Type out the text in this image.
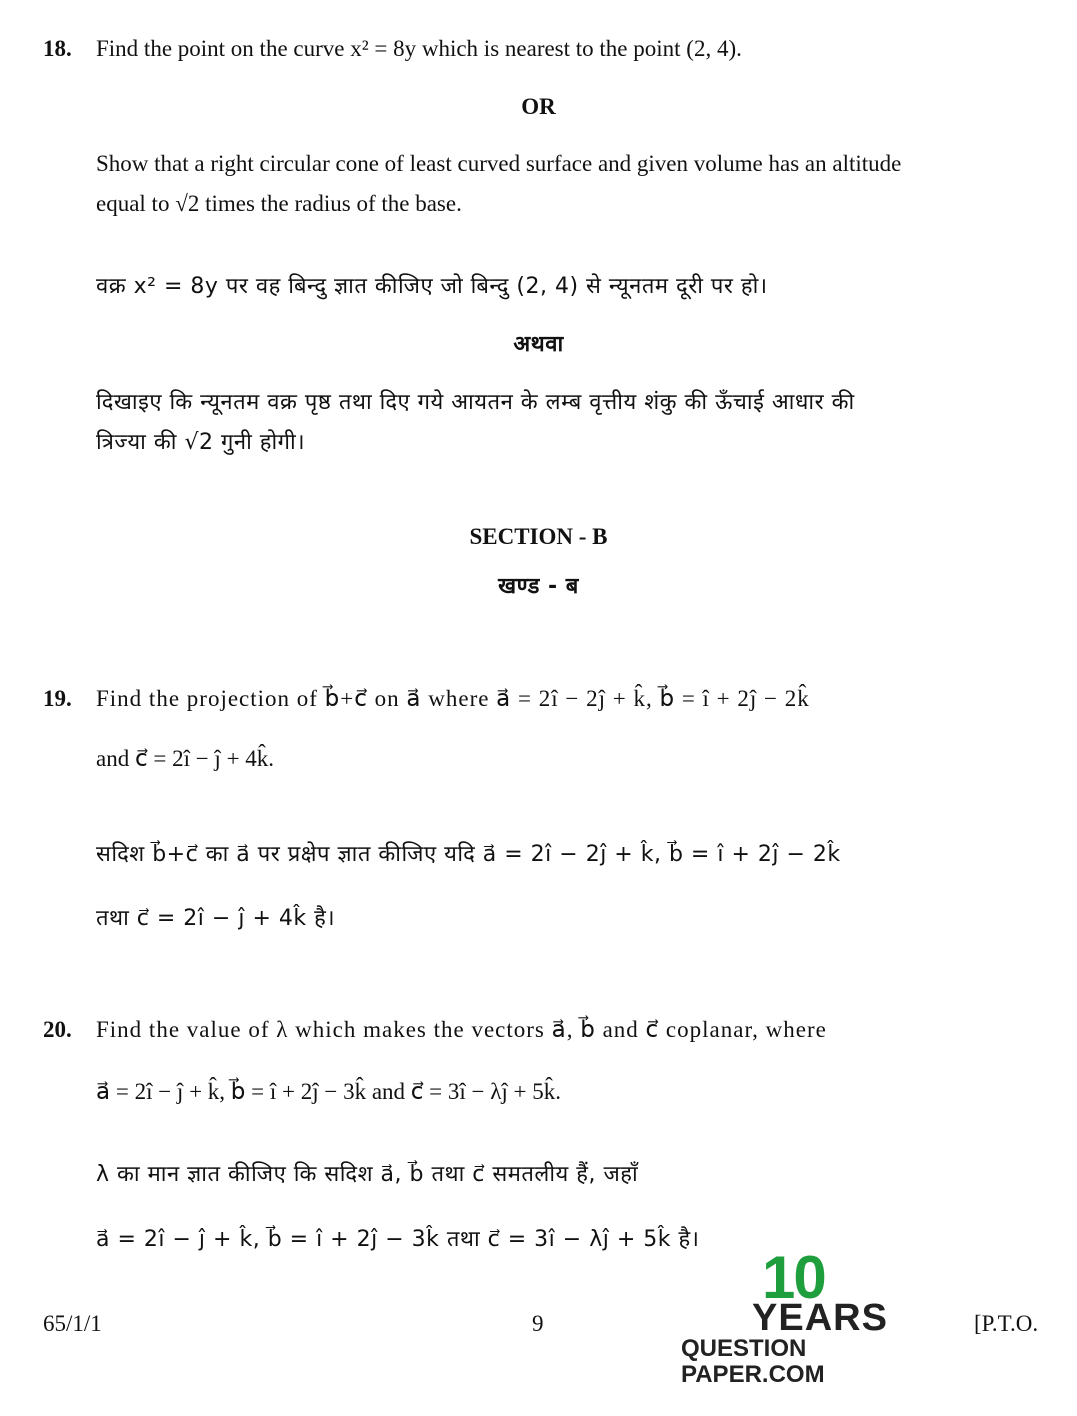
18. Find the point on the curve x² = 8y which is nearest to the point (2, 4).
OR
Show that a right circular cone of least curved surface and given volume has an altitude
equal to √2 times the radius of the base.
वक्र x² = 8y पर वह बिन्दु ज्ञात कीजिए जो बिन्दु (2, 4) से न्यूनतम दूरी पर हो।
अथवा
दिखाइए कि न्यूनतम वक्र पृष्ठ तथा दिए गये आयतन के लम्ब वृत्तीय शंकु की ऊँचाई आधार की
त्रिज्या की √2 गुनी होगी।
SECTION - B
खण्ड - ब
19. Find the projection of b⃗+c⃗ on a⃗ where a⃗ = 2î − 2ĵ + k̂, b⃗ = î + 2ĵ − 2k̂
and c⃗ = 2î − ĵ + 4k̂.
सदिश b⃗+c⃗ का a⃗ पर प्रक्षेप ज्ञात कीजिए यदि a⃗ = 2î − 2ĵ + k̂, b⃗ = î + 2ĵ − 2k̂
तथा c⃗ = 2î − ĵ + 4k̂ है।
20. Find the value of λ which makes the vectors a⃗, b⃗ and c⃗ coplanar, where
a⃗ = 2î − ĵ + k̂, b⃗ = î + 2ĵ − 3k̂ and c⃗ = 3î − λĵ + 5k̂.
λ का मान ज्ञात कीजिए कि सदिश a⃗, b⃗ तथा c⃗ समतलीय हैं, जहाँ
a⃗ = 2î − ĵ + k̂, b⃗ = î + 2ĵ − 3k̂ तथा c⃗ = 3î − λĵ + 5k̂ है।
65/1/1	9	[P.T.O.
10
YEARS
QUESTION PAPER.COM
